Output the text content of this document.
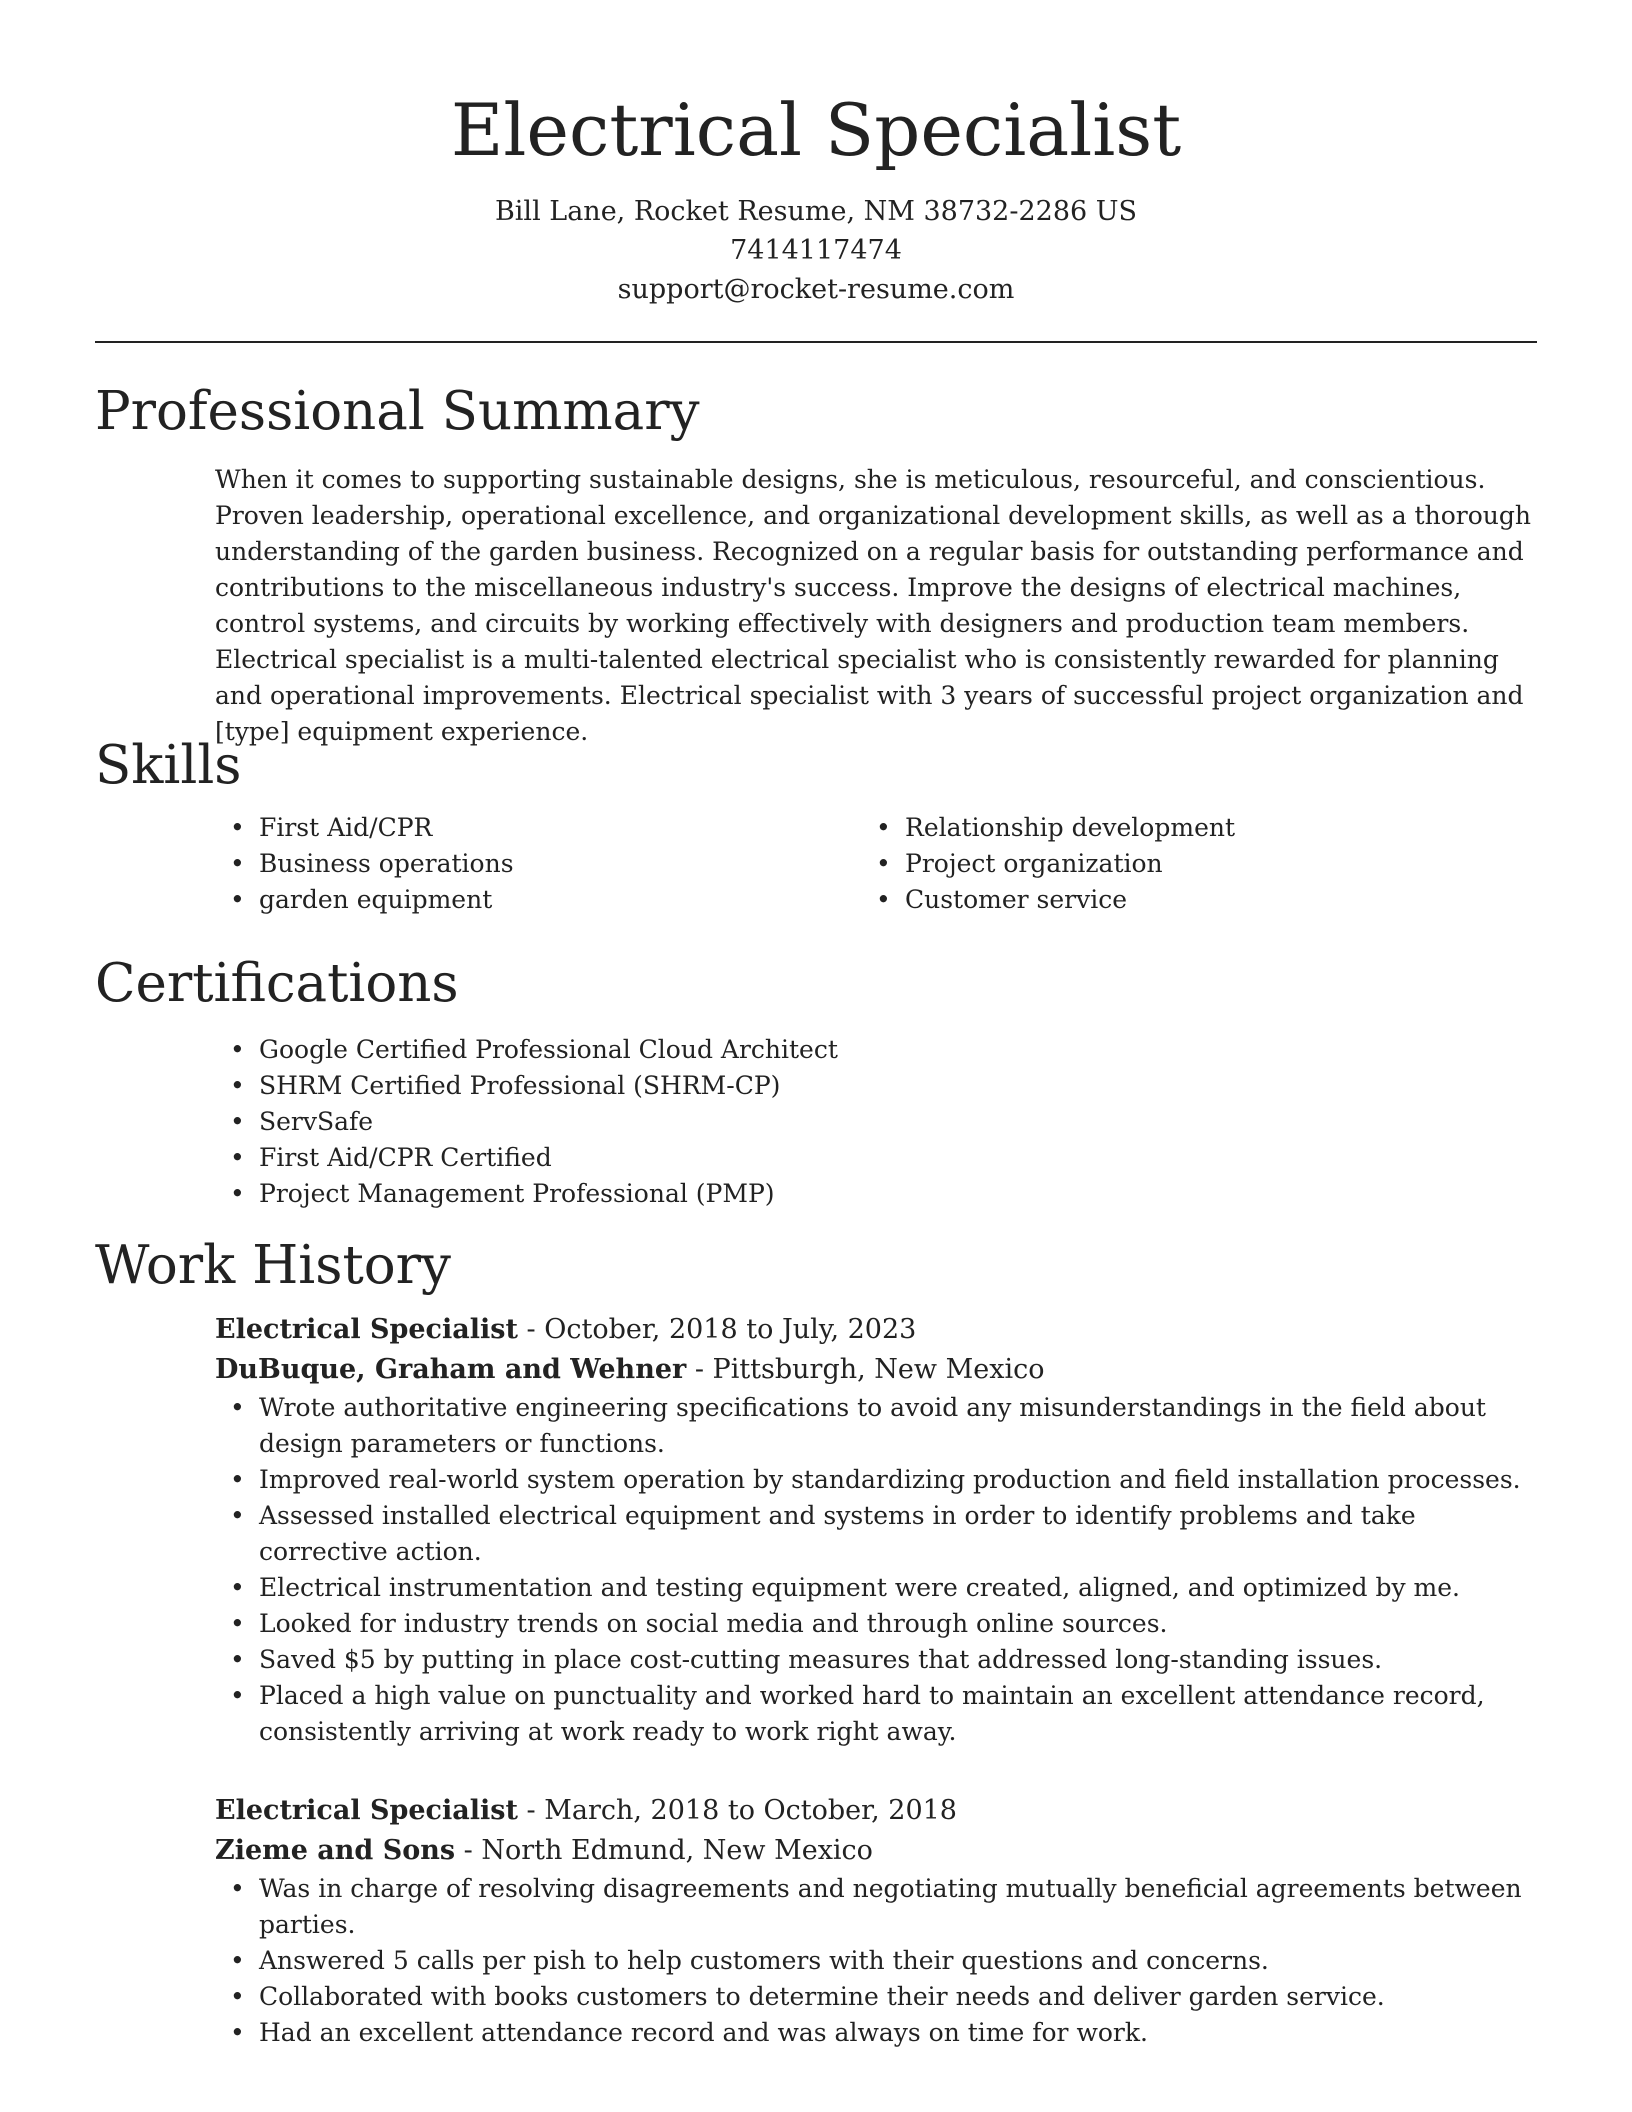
Electrical Specialist
Bill Lane, Rocket Resume, NM 38732-2286 US
7414117474
support@rocket-resume.com
Professional Summary

When it comes to supporting sustainable designs, she is meticulous, resourceful, and conscientious. Proven leadership, operational excellence, and organizational development skills, as well as a thorough understanding of the garden business. Recognized on a regular basis for outstanding performance and contributions to the miscellaneous industry's success. Improve the designs of electrical machines, control systems, and circuits by working effectively with designers and production team members. Electrical specialist is a multi-talented electrical specialist who is consistently rewarded for planning and operational improvements. Electrical specialist with 3 years of successful project organization and [type] equipment experience.

Skills
• First Aid/CPR
• Business operations
• garden equipment
• Relationship development
• Project organization
• Customer service
Certifications
• Google Certified Professional Cloud Architect
• SHRM Certified Professional (SHRM-CP)
• ServSafe
• First Aid/CPR Certified
• Project Management Professional (PMP)
Work History
Electrical Specialist - October, 2018 to July, 2023
DuBuque, Graham and Wehner - Pittsburgh, New Mexico
• Wrote authoritative engineering specifications to avoid any misunderstandings in the field about design parameters or functions.
• Improved real-world system operation by standardizing production and field installation processes.
• Assessed installed electrical equipment and systems in order to identify problems and take corrective action.
• Electrical instrumentation and testing equipment were created, aligned, and optimized by me.
• Looked for industry trends on social media and through online sources.
• Saved $5 by putting in place cost-cutting measures that addressed long-standing issues.
• Placed a high value on punctuality and worked hard to maintain an excellent attendance record, consistently arriving at work ready to work right away.
Electrical Specialist - March, 2018 to October, 2018
Zieme and Sons - North Edmund, New Mexico
• Was in charge of resolving disagreements and negotiating mutually beneficial agreements between parties.
• Answered 5 calls per pish to help customers with their questions and concerns.
• Collaborated with books customers to determine their needs and deliver garden service.
• Had an excellent attendance record and was always on time for work.
